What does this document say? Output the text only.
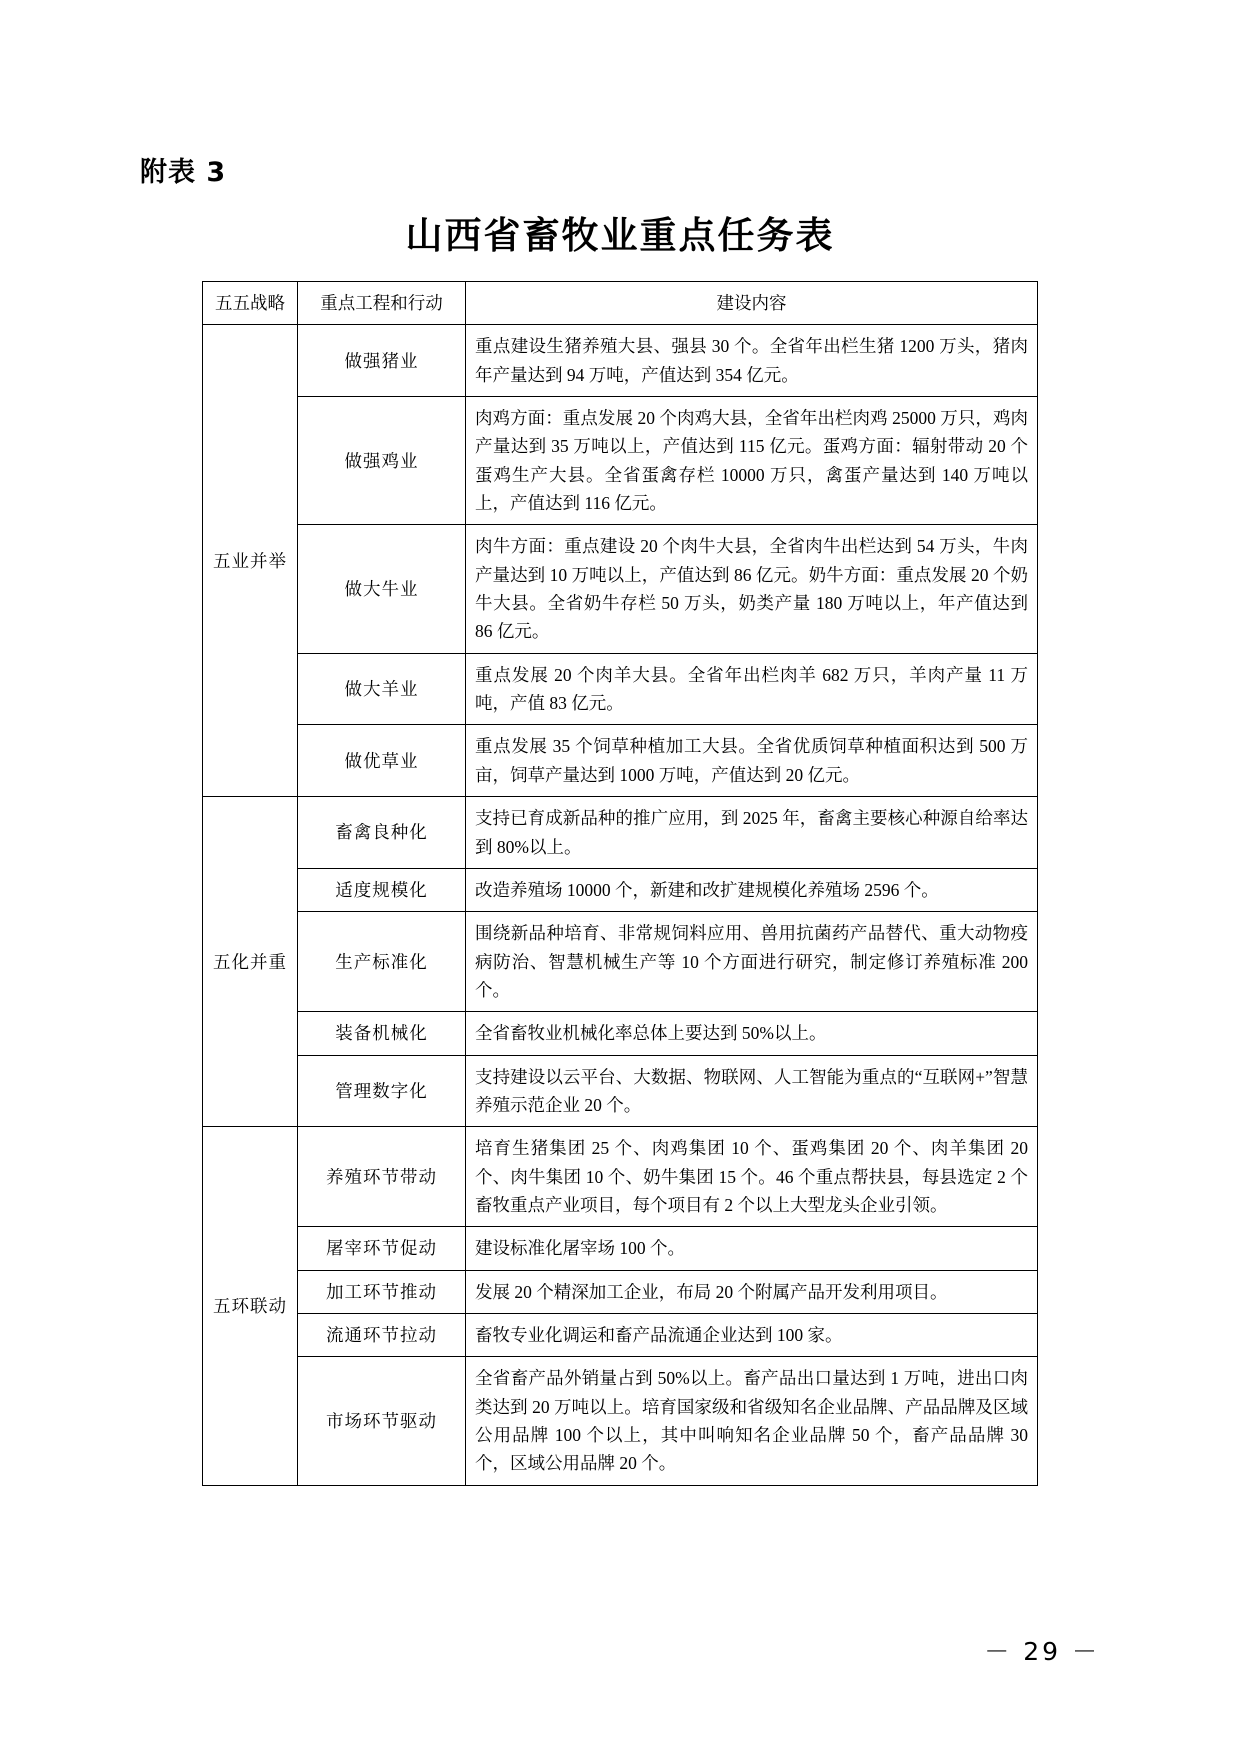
附表 3
山西省畜牧业重点任务表
五五战略	重点工程和行动	建设内容
五业并举	做强猪业	重点建设生猪养殖大县、强县 30 个。全省年出栏生猪 1200 万头，猪肉年产量达到 94 万吨，产值达到 354 亿元。
	做强鸡业	肉鸡方面：重点发展 20 个肉鸡大县，全省年出栏肉鸡 25000 万只，鸡肉产量达到 35 万吨以上，产值达到 115 亿元。蛋鸡方面：辐射带动 20 个蛋鸡生产大县。全省蛋禽存栏 10000 万只，禽蛋产量达到 140 万吨以上，产值达到 116 亿元。
	做大牛业	肉牛方面：重点建设 20 个肉牛大县，全省肉牛出栏达到 54 万头，牛肉产量达到 10 万吨以上，产值达到 86 亿元。奶牛方面：重点发展 20 个奶牛大县。全省奶牛存栏 50 万头，奶类产量 180 万吨以上，年产值达到 86 亿元。
	做大羊业	重点发展 20 个肉羊大县。全省年出栏肉羊 682 万只，羊肉产量 11 万吨，产值 83 亿元。
	做优草业	重点发展 35 个饲草种植加工大县。全省优质饲草种植面积达到 500 万亩，饲草产量达到 1000 万吨，产值达到 20 亿元。
五化并重	畜禽良种化	支持已育成新品种的推广应用，到 2025 年，畜禽主要核心种源自给率达到 80%以上。
	适度规模化	改造养殖场 10000 个，新建和改扩建规模化养殖场 2596 个。
	生产标准化	围绕新品种培育、非常规饲料应用、兽用抗菌药产品替代、重大动物疫病防治、智慧机械生产等 10 个方面进行研究，制定修订养殖标准 200 个。
	装备机械化	全省畜牧业机械化率总体上要达到 50%以上。
	管理数字化	支持建设以云平台、大数据、物联网、人工智能为重点的“互联网+”智慧养殖示范企业 20 个。
五环联动	养殖环节带动	培育生猪集团 25 个、肉鸡集团 10 个、蛋鸡集团 20 个、肉羊集团 20 个、肉牛集团 10 个、奶牛集团 15 个。46 个重点帮扶县，每县选定 2 个畜牧重点产业项目，每个项目有 2 个以上大型龙头企业引领。
	屠宰环节促动	建设标准化屠宰场 100 个。
	加工环节推动	发展 20 个精深加工企业，布局 20 个附属产品开发利用项目。
	流通环节拉动	畜牧专业化调运和畜产品流通企业达到 100 家。
	市场环节驱动	全省畜产品外销量占到 50%以上。畜产品出口量达到 1 万吨，进出口肉类达到 20 万吨以上。培育国家级和省级知名企业品牌、产品品牌及区域公用品牌 100 个以上，其中叫响知名企业品牌 50 个，畜产品品牌 30 个，区域公用品牌 20 个。
－ 29 －
